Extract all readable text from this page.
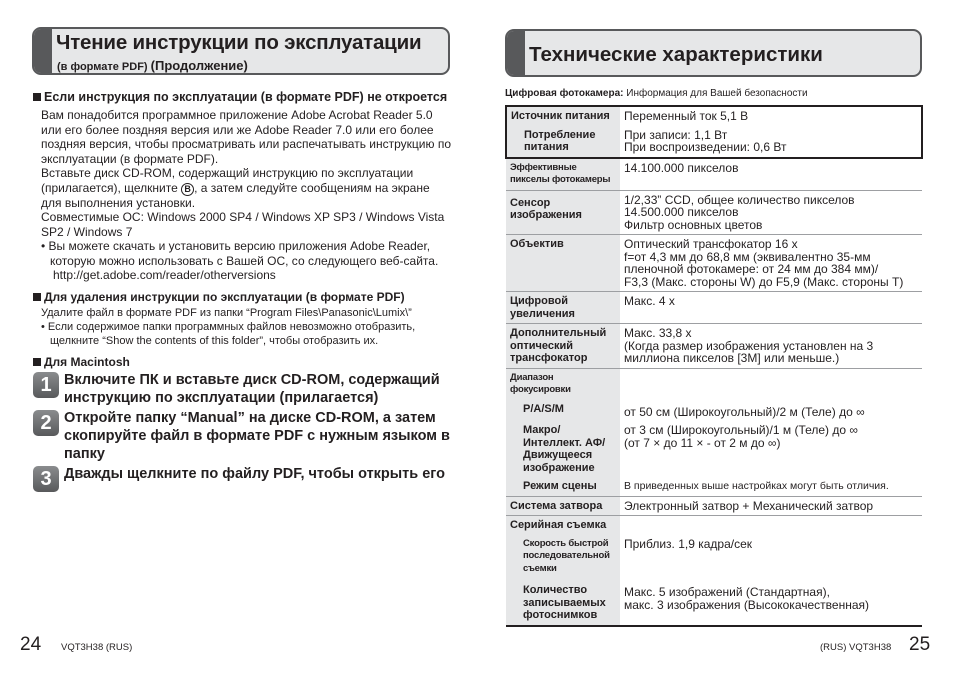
Чтение инструкции по эксплуатации
(в формате PDF) (Продолжение)	Технические характеристики
Если инструкция по эксплуатации (в формате PDF) не откроется

Вам понадобится программное приложение Adobe Acrobat Reader 5.0 или его более поздняя версия или же Adobe Reader 7.0 или его более поздняя версия, чтобы просматривать или распечатывать инструкцию по эксплуатации (в формате PDF).

Вставьте диск CD-ROM, содержащий инструкцию по эксплуатации (прилагается), щелкните B , а затем следуйте сообщениям на экране для выполнения установки.

Совместимые ОС: Windows 2000 SP4 / Windows XP SP3 / Windows Vista SP2 / Windows 7

• Вы можете скачать и установить версию приложения Adobe Reader, которую можно использовать с Вашей ОС, со следующего веб-сайта.

http://get.adobe.com/reader/otherversions

Для удаления инструкции по эксплуатации (в формате PDF)

Удалите файл в формате PDF из папки “Program Files\Panasonic\Lumix\”

• Если содержимое папки программных файлов невозможно отобразить, щелкните “Show the contents of this folder”, чтобы отобразить их.

Для Macintosh
1 Включите ПК и вставьте диск CD-ROM, содержащий инструкцию по эксплуатации (прилагается)
2 Откройте папку “Manual” на диске CD-ROM, а затем скопируйте файл в формате PDF с нужным языком в папку
3 Дважды щелкните по файлу PDF, чтобы открыть его
Цифровая фотокамера: Информация для Вашей безопасности
Источник питания	Переменный ток 5,1 В
Потребление питания	При записи: 1,1 Вт
При воспроизведении: 0,6 Вт

Эффективные пикселы фотокамеры	14.100.000 пикселов
Сенсор изображения	1/2,33” CCD, общее количество пикселов
14.500.000 пикселов
Фильтр основных цветов

Объектив	Оптический трансфокатор 16 x
f=от 4,3 мм до 68,8 мм (эквивалентно 35-мм пленочной фотокамере: от 24 мм до 384 мм)/
F3,3 (Макс. стороны W) до F5,9 (Макс. стороны T)

Цифровой увеличения	Макс. 4 x
Дополнительный оптический трансфокатор	Макс. 33,8 x
(Когда размер изображения установлен на 3 миллиона пикселов [3M] или меньше.)

Диапазон фокусировки	
P/A/S/M	от 50 см (Широкоугольный)/2 м (Теле) до ∞
Макро/ Интеллект. АФ/ Движущееся изображение	от 3 см (Широкоугольный)/1 м (Теле) до ∞
(от 7 × до 11 × - от 2 м до ∞)

Режим сцены	В приведенных выше настройках могут быть отличия.
Система затвора	Электронный затвор + Механический затвор
Серийная съемка	
Скорость быстрой последовательной съемки	Приблиз. 1,9 кадра/сек
Количество записываемых фотоснимков	Макс. 5 изображений (Стандартная),
макс. 3 изображения (Высококачественная)
24 VQT3H38 (RUS)	(RUS) VQT3H38 25
